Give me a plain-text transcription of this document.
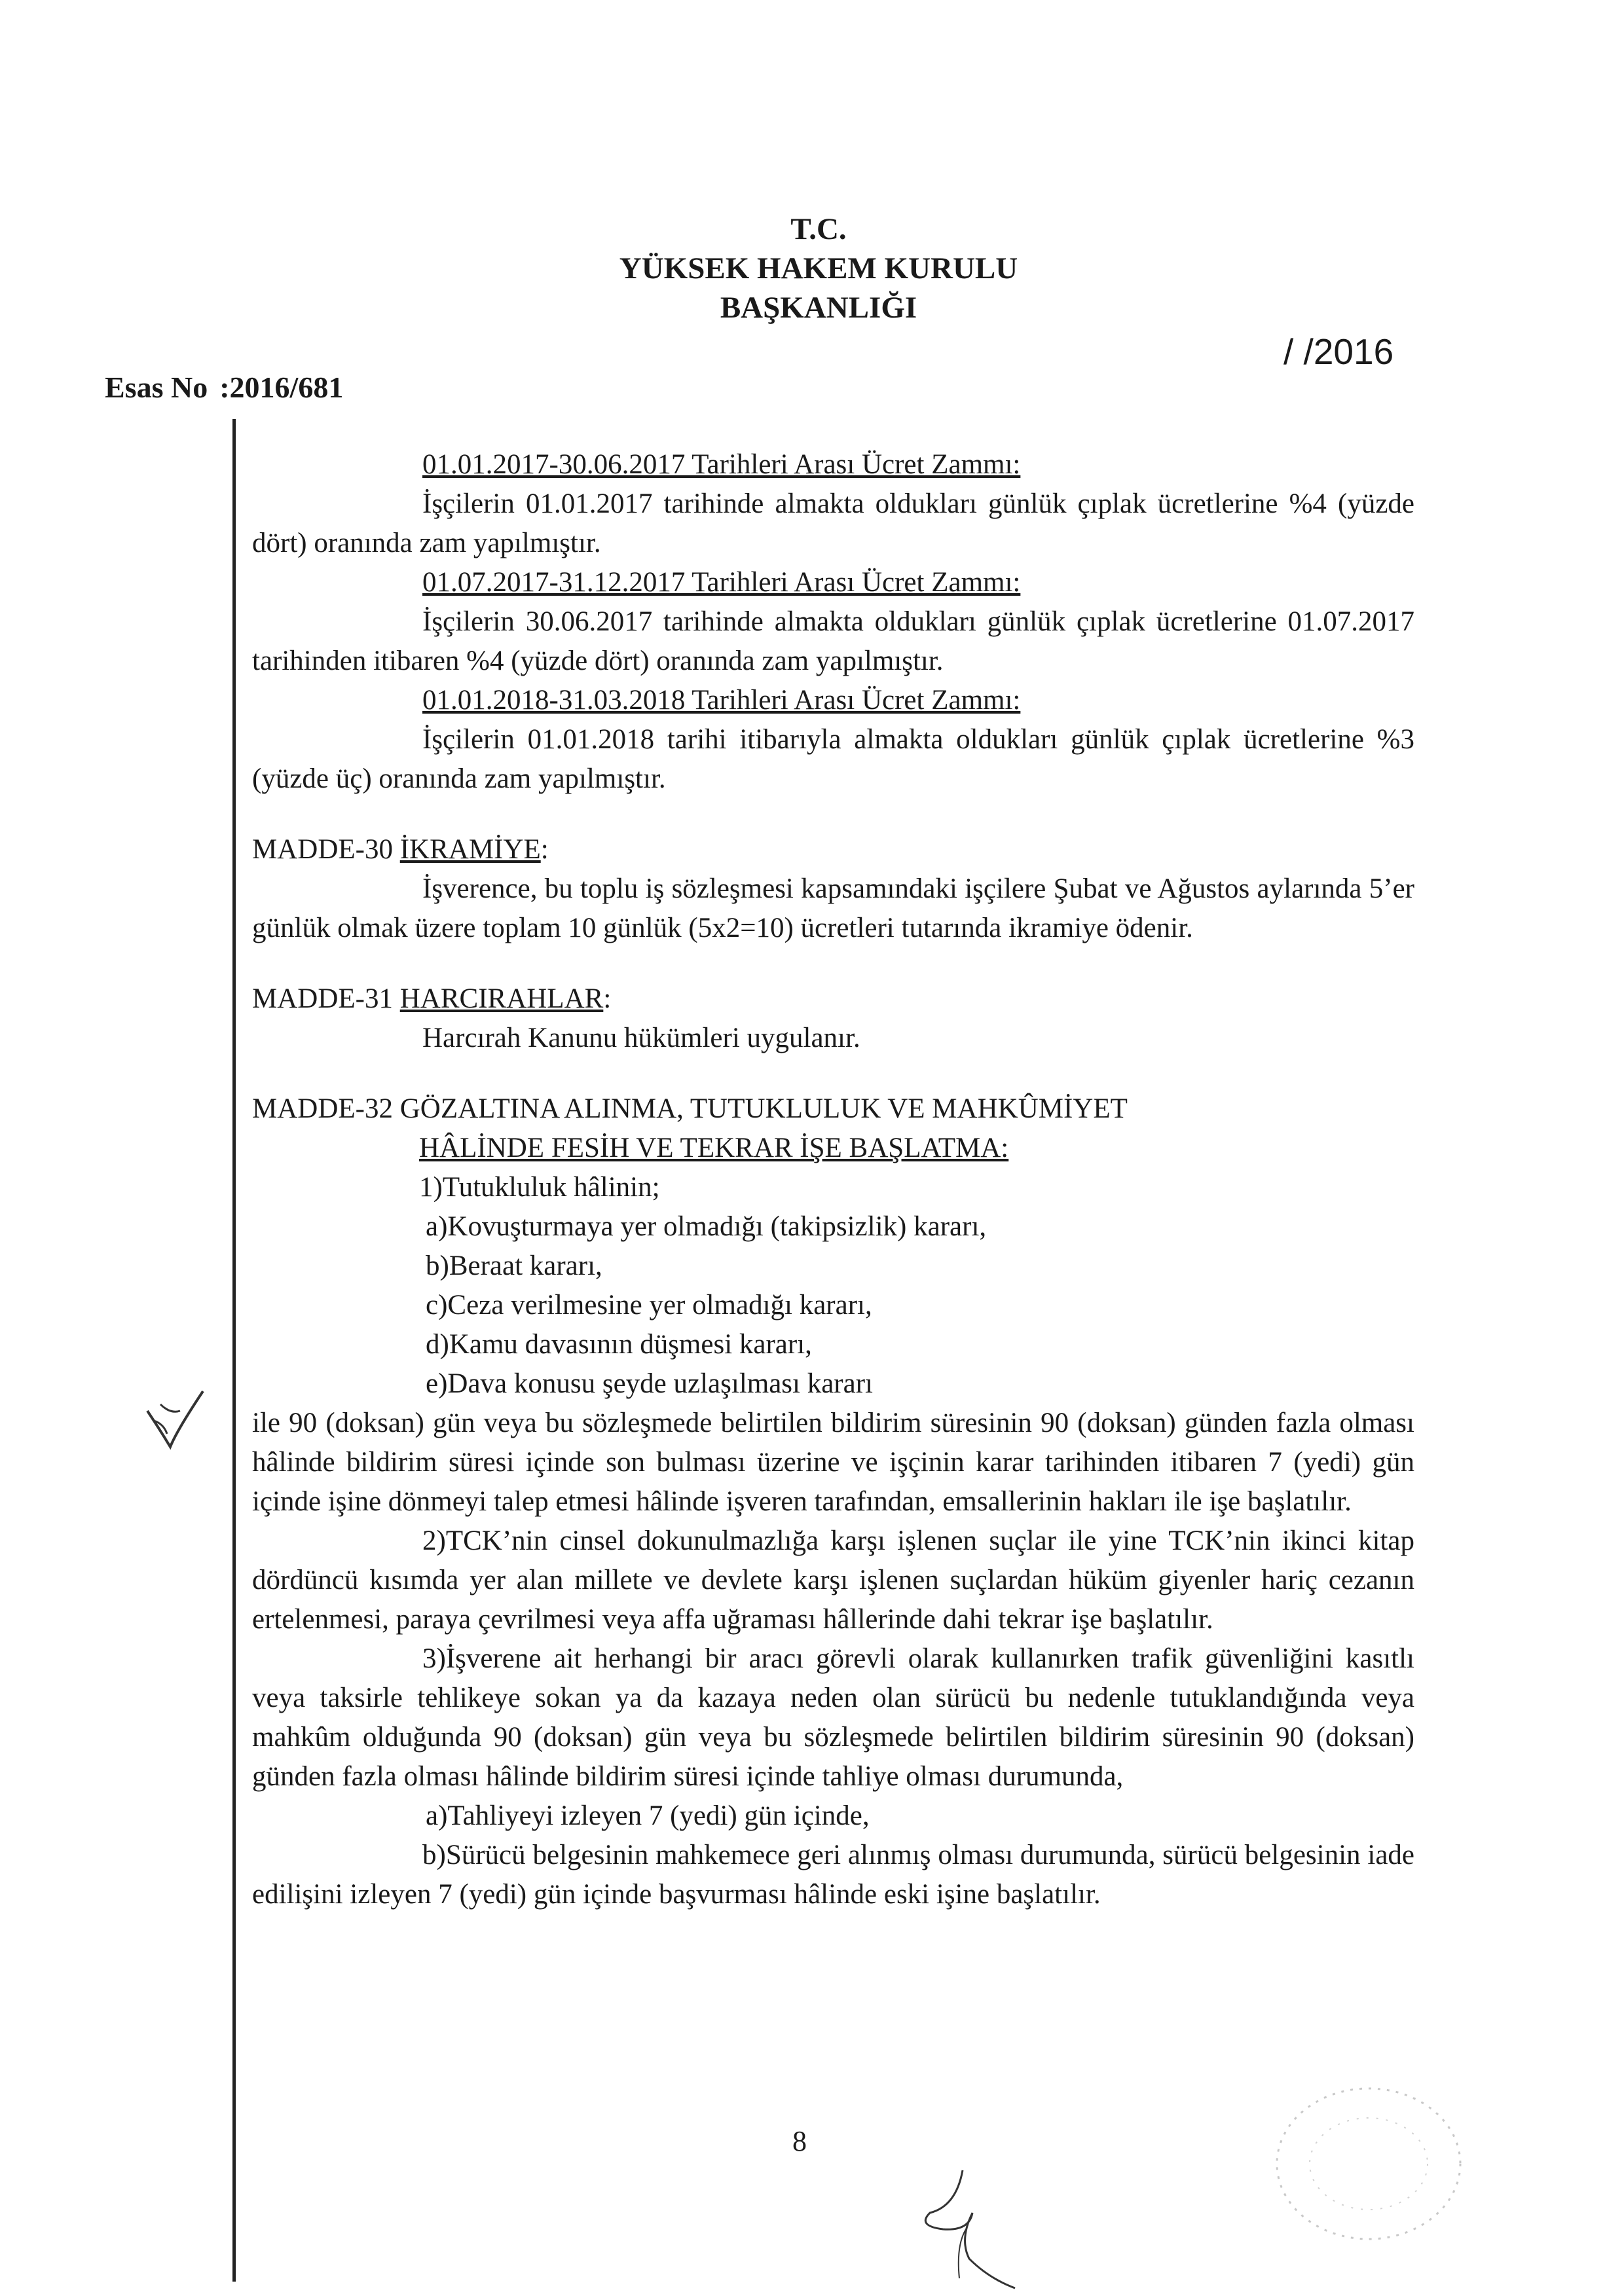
T.C.
YÜKSEK HAKEM KURULU
BAŞKANLIĞI
/ /2016
Esas No :2016/681

01.01.2017-30.06.2017 Tarihleri Arası Ücret Zammı:

İşçilerin 01.01.2017 tarihinde almakta oldukları günlük çıplak ücretlerine %4 (yüzde dört) oranında zam yapılmıştır.

01.07.2017-31.12.2017 Tarihleri Arası Ücret Zammı:

İşçilerin 30.06.2017 tarihinde almakta oldukları günlük çıplak ücretlerine 01.07.2017 tarihinden itibaren %4 (yüzde dört) oranında zam yapılmıştır.

01.01.2018-31.03.2018 Tarihleri Arası Ücret Zammı:

İşçilerin 01.01.2018 tarihi itibarıyla almakta oldukları günlük çıplak ücretlerine %3 (yüzde üç) oranında zam yapılmıştır.

MADDE-30 İKRAMİYE:

İşverence, bu toplu iş sözleşmesi kapsamındaki işçilere Şubat ve Ağustos aylarında 5’er günlük olmak üzere toplam 10 günlük (5x2=10) ücretleri tutarında ikramiye ödenir.

MADDE-31 HARCIRAHLAR:

Harcırah Kanunu hükümleri uygulanır.

MADDE-32 GÖZALTINA ALINMA, TUTUKLULUK VE MAHKÛMİYET

HÂLİNDE FESİH VE TEKRAR İŞE BAŞLATMA:

1)Tutukluluk hâlinin;

a)Kovuşturmaya yer olmadığı (takipsizlik) kararı,

b)Beraat kararı,

c)Ceza verilmesine yer olmadığı kararı,

d)Kamu davasının düşmesi kararı,

e)Dava konusu şeyde uzlaşılması kararı

ile 90 (doksan) gün veya bu sözleşmede belirtilen bildirim süresinin 90 (doksan) günden fazla olması hâlinde bildirim süresi içinde son bulması üzerine ve işçinin karar tarihinden itibaren 7 (yedi) gün içinde işine dönmeyi talep etmesi hâlinde işveren tarafından, emsallerinin hakları ile işe başlatılır.

2)TCK’nin cinsel dokunulmazlığa karşı işlenen suçlar ile yine TCK’nin ikinci kitap dördüncü kısımda yer alan millete ve devlete karşı işlenen suçlardan hüküm giyenler hariç cezanın ertelenmesi, paraya çevrilmesi veya affa uğraması hâllerinde dahi tekrar işe başlatılır.

3)İşverene ait herhangi bir aracı görevli olarak kullanırken trafik güvenliğini kasıtlı veya taksirle tehlikeye sokan ya da kazaya neden olan sürücü bu nedenle tutuklandığında veya mahkûm olduğunda 90 (doksan) gün veya bu sözleşmede belirtilen bildirim süresinin 90 (doksan) günden fazla olması hâlinde bildirim süresi içinde tahliye olması durumunda,

a)Tahliyeyi izleyen 7 (yedi) gün içinde,

b)Sürücü belgesinin mahkemece geri alınmış olması durumunda, sürücü belgesinin iade edilişini izleyen 7 (yedi) gün içinde başvurması hâlinde eski işine başlatılır.

8
